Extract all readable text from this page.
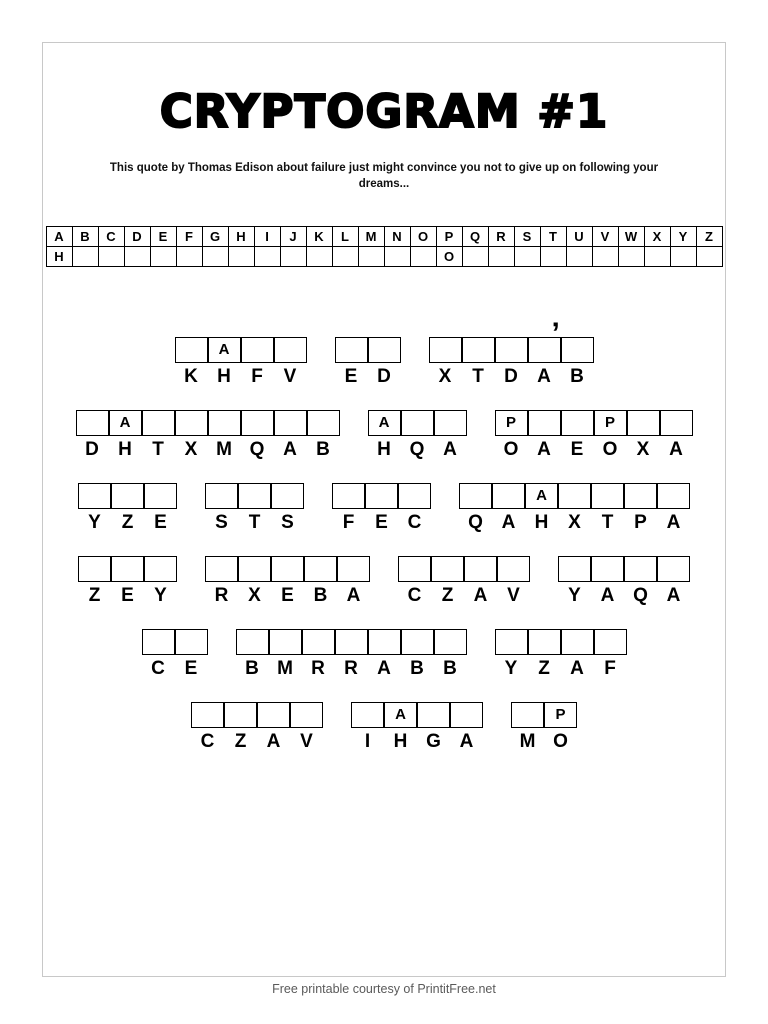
CRYPTOGRAM #1
This quote by Thomas Edison about failure just might convince you not to give up on following your dreams...
A	B	C	D	E	F	G	H	I	J	K	L	M	N	O	P	Q	R	S	T	U	V	W	X	Y	Z
H															O										
A
K	H	F	V	E	D
’
X	T	D	A	B
A
D	H	T	X M Q A	B
A
H Q A
P	P
O A	E	O	X	A
Y	Z	E	S	T	S	F	E	C
A
Q A	H	X	T	P	A
Z	E	Y	R	X	E	B	A	C	Z	A	V	Y	A Q A
C	E	B M R	R	A	B	B	Y	Z	A	F
C	Z	A	V
A
I	H G A
P
M O
Free printable courtesy of PrintitFree.net
